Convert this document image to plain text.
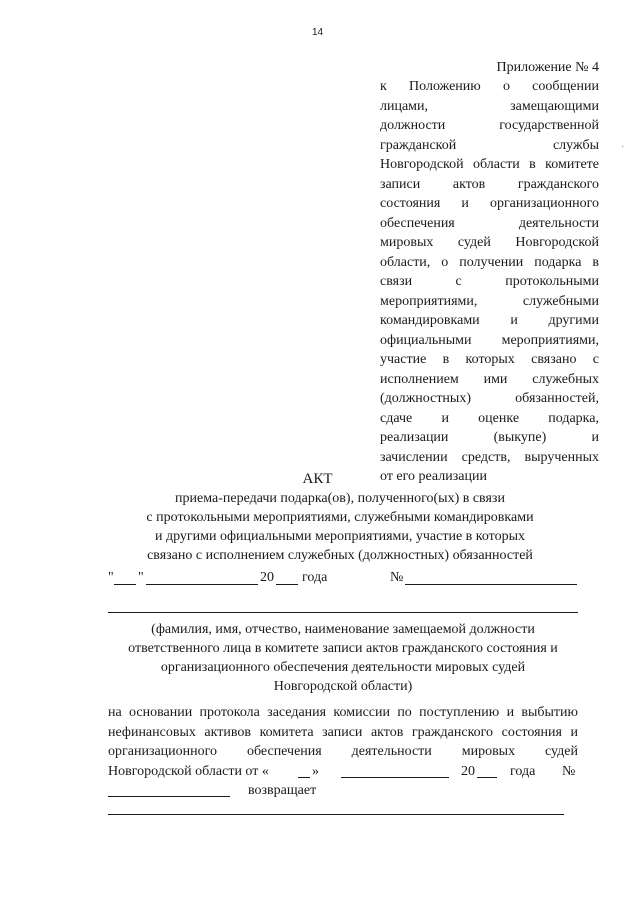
14
·
Приложение № 4
к Положению о сообщении
лицами, замещающими
должности государственной
гражданской службы
Новгородской области в комитете
записи актов гражданского
состояния и организационного
обеспечения деятельности
мировых судей Новгородской
области, о получении подарка в
связи с протокольными
мероприятиями, служебными
командировками и другими
официальными мероприятиями,
участие в которых связано с
исполнением ими служебных
(должностных) обязанностей,
сдаче и оценке подарка,
реализации (выкупе) и
зачислении средств, вырученных
от его реализации
АКТ
приема-передачи подарка(ов), полученного(ых) в связи
с протокольными мероприятиями, служебными командировками
и другими официальными мероприятиями, участие в которых
связано с исполнением служебных (должностных) обязанностей
" "	20 года	№
(фамилия, имя, отчество, наименование замещаемой должности
ответственного лица в комитете записи актов гражданского состояния и
организационного обеспечения деятельности мировых судей
Новгородской области)
на основании протокола заседания комиссии по поступлению и выбытию
нефинансовых активов комитета записи актов гражданского состояния и
организационного обеспечения деятельности мировых судей
Новгородской области от «	»	20	года №
возвращает
